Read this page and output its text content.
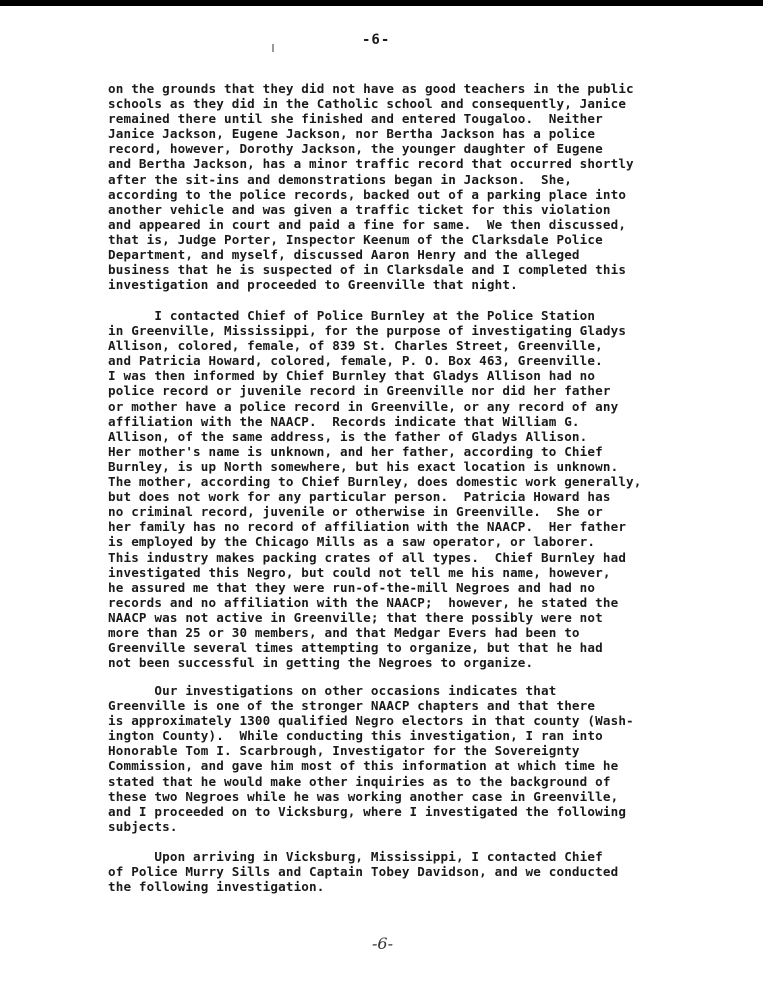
-6-
on the grounds that they did not have as good teachers in the public
schools as they did in the Catholic school and consequently, Janice
remained there until she finished and entered Tougaloo.  Neither
Janice Jackson, Eugene Jackson, nor Bertha Jackson has a police
record, however, Dorothy Jackson, the younger daughter of Eugene
and Bertha Jackson, has a minor traffic record that occurred shortly
after the sit-ins and demonstrations began in Jackson.  She,
according to the police records, backed out of a parking place into
another vehicle and was given a traffic ticket for this violation
and appeared in court and paid a fine for same.  We then discussed,
that is, Judge Porter, Inspector Keenum of the Clarksdale Police
Department, and myself, discussed Aaron Henry and the alleged
business that he is suspected of in Clarksdale and I completed this
investigation and proceeded to Greenville that night.
I contacted Chief of Police Burnley at the Police Station
in Greenville, Mississippi, for the purpose of investigating Gladys
Allison, colored, female, of 839 St. Charles Street, Greenville,
and Patricia Howard, colored, female, P. O. Box 463, Greenville.
I was then informed by Chief Burnley that Gladys Allison had no
police record or juvenile record in Greenville nor did her father
or mother have a police record in Greenville, or any record of any
affiliation with the NAACP.  Records indicate that William G.
Allison, of the same address, is the father of Gladys Allison.
Her mother's name is unknown, and her father, according to Chief
Burnley, is up North somewhere, but his exact location is unknown.
The mother, according to Chief Burnley, does domestic work generally,
but does not work for any particular person.  Patricia Howard has
no criminal record, juvenile or otherwise in Greenville.  She or
her family has no record of affiliation with the NAACP.  Her father
is employed by the Chicago Mills as a saw operator, or laborer.
This industry makes packing crates of all types.  Chief Burnley had
investigated this Negro, but could not tell me his name, however,
he assured me that they were run-of-the-mill Negroes and had no
records and no affiliation with the NAACP;  however, he stated the
NAACP was not active in Greenville; that there possibly were not
more than 25 or 30 members, and that Medgar Evers had been to
Greenville several times attempting to organize, but that he had
not been successful in getting the Negroes to organize.
Our investigations on other occasions indicates that
Greenville is one of the stronger NAACP chapters and that there
is approximately 1300 qualified Negro electors in that county (Wash-
ington County).  While conducting this investigation, I ran into
Honorable Tom I. Scarbrough, Investigator for the Sovereignty
Commission, and gave him most of this information at which time he
stated that he would make other inquiries as to the background of
these two Negroes while he was working another case in Greenville,
and I proceeded on to Vicksburg, where I investigated the following
subjects.
Upon arriving in Vicksburg, Mississippi, I contacted Chief
of Police Murry Sills and Captain Tobey Davidson, and we conducted
the following investigation.
-6-
